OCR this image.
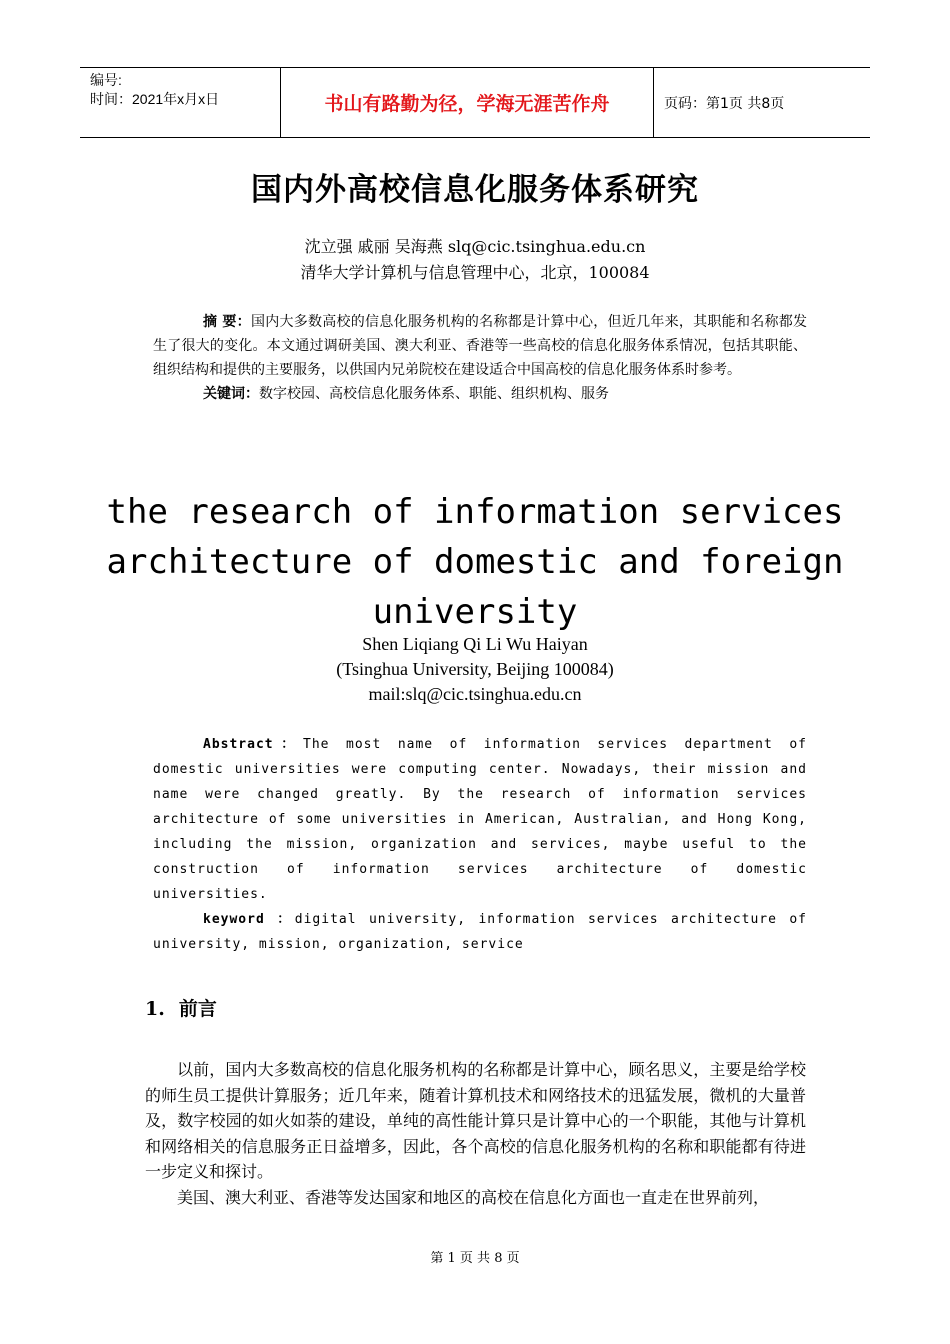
编号:
时间：2021年x月x日	书山有路勤为径，学海无涯苦作舟	页码：第1页 共8页
国内外高校信息化服务体系研究
沈立强 戚丽 吴海燕 slq@cic.tsinghua.edu.cn
清华大学计算机与信息管理中心，北京，100084

摘 要：国内大多数高校的信息化服务机构的名称都是计算中心，但近几年来，其职能和名称都发生了很大的变化。本文通过调研美国、澳大利亚、香港等一些高校的信息化服务体系情况，包括其职能、组织结构和提供的主要服务，以供国内兄弟院校在建设适合中国高校的信息化服务体系时参考。

关键词：数字校园、高校信息化服务体系、职能、组织机构、服务

the research of information services architecture of domestic and foreign university
Shen Liqiang Qi Li Wu Haiyan
(Tsinghua University, Beijing 100084)
mail:slq@cic.tsinghua.edu.cn

Abstract：The most name of information services department of domestic universities were computing center. Nowadays, their mission and name were changed greatly. By the research of information services architecture of some universities in American, Australian, and Hong Kong, including the mission, organization and services, maybe useful to the construction of information services architecture of domestic universities.

keyword ：digital university, information services architecture of university, mission, organization, service

1. 前言

以前，国内大多数高校的信息化服务机构的名称都是计算中心，顾名思义，主要是给学校的师生员工提供计算服务；近几年来，随着计算机技术和网络技术的迅猛发展，微机的大量普及，数字校园的如火如荼的建设，单纯的高性能计算只是计算中心的一个职能，其他与计算机和网络相关的信息服务正日益增多，因此，各个高校的信息化服务机构的名称和职能都有待进一步定义和探讨。

美国、澳大利亚、香港等发达国家和地区的高校在信息化方面也一直走在世界前列，

第 1 页 共 8 页
